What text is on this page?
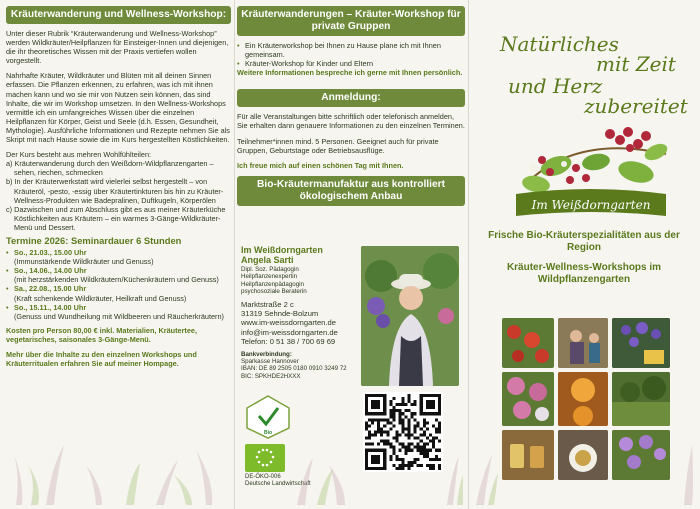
Kräuterwanderung und Wellness-Workshop:

Unter dieser Rubrik “Kräuterwanderung und Wellness-Workshop” werden Wildkräuter/Heilpflanzen für Einsteiger-Innen und diejenigen, die ihr theoretisches Wissen mit der Praxis vertiefen wollen vorgestellt.

Nahrhafte Kräuter, Wildkräuter und Blüten mit all deinen Sinnen erfassen. Die Pflanzen erkennen, zu erfahren, was ich mit ihnen machen kann und wo sie mir von Nutzen sein können, das sind Inhalte, die wir im Workshop umsetzen. In den Wellness-Workshops vermittle ich ein umfangreiches Wissen über die einzelnen Heilpflanzen für Körper, Geist und Seele (d.h. Essen, Gesundheit, Mythologie). Ausführliche Informationen und Rezepte nehmen Sie als Skript mit nach Hause sowie die im Kurs hergestellten Köstlichkeiten.

Der Kurs besteht aus mehren Wohlfühlteilen:
a) Kräuterwanderung durch den Weißdorn-Wildpflanzengarten – sehen, riechen, schmecken
b) In der Kräuterwerkstatt wird vielerlei selbst hergestellt – von Kräuteröl, -pesto, -essig über Kräutertinkturen bis hin zu Kräuter-Wellness-Produkten wie Badepralinen, Duftkugeln, Körperölen
c) Dazwischen und zum Abschluss gibt es aus meiner Kräuterküche Köstlichkeiten aus Kräutern – ein warmes 3-Gänge-Wildkräuter-Menü und Dessert.
Termine 2026: Seminardauer 6 Stunden
• So., 21.03., 15.00 Uhr
(Immunstärkende Wildkräuter und Genuss)
• So., 14.06., 14.00 Uhr
(mit herzstärkenden Wildkräutern/Küchenkräutern und Genuss)
• Sa., 22.08., 15.00 Uhr
(Kraft schenkende Wildkräuter, Heilkraft und Genuss)
• So., 15.11., 14.00 Uhr
(Genuss und Wundheilung mit Wildbeeren und Räucherkräutern)

Kosten pro Person 80,00 € inkl. Materialien, Kräutertee, vegetarisches, saisonales 3-Gänge-Menü.

Mehr über die Inhalte zu den einzelnen Workshops und Kräuterritualen erfahren Sie auf meiner Hompage.

Kräuterwanderungen – Kräuter-Workshop für private Gruppen
• Ein Kräuterworkshop bei Ihnen zu Hause plane ich mit Ihnen gemeinsam.
• Kräuter-Workshop für Kinder und Eltern
Weitere Informationen bespreche ich gerne mit Ihnen persönlich.
Anmeldung:

Für alle Veranstaltungen bitte schriftlich oder telefonisch anmelden, Sie erhalten dann genauere Informationen zu den einzelnen Terminen.

Teilnehmer*innen mind. 5 Personen. Geeignet auch für private Gruppen, Geburtstage oder Betriebsausflüge.

Ich freue mich auf einen schönen Tag mit Ihnen.

Bio-Kräutermanufaktur aus kontrolliert ökologischem Anbau
Im Weißdorngarten
Angela Sarti
Dipl. Soz. Pädagogin
Heilpflanzenexpertin
Heilpflanzenpädagogin
psychosoziale Beraterin
Marktstraße 2 c
31319 Sehnde-Bolzum
www.im-weissdorngarten.de
info@im-weissdorngarten.de
Telefon: 0 51 38 / 700 69 69
Bankverbindung:
Sparkasse Hannover
IBAN: DE 89 2505 0180 0910 3249 72
BIC: SPKHDE2HXXX
Bio
DE-ÖKO-006
Deutsche Landwirtschaft
Natürliches
mit Zeit
und Herz
zubereitet
Im Weißdorngarten
Frische Bio-Kräuterspezialitäten aus der Region
Kräuter-Wellness-Workshops im Wildpflanzengarten
